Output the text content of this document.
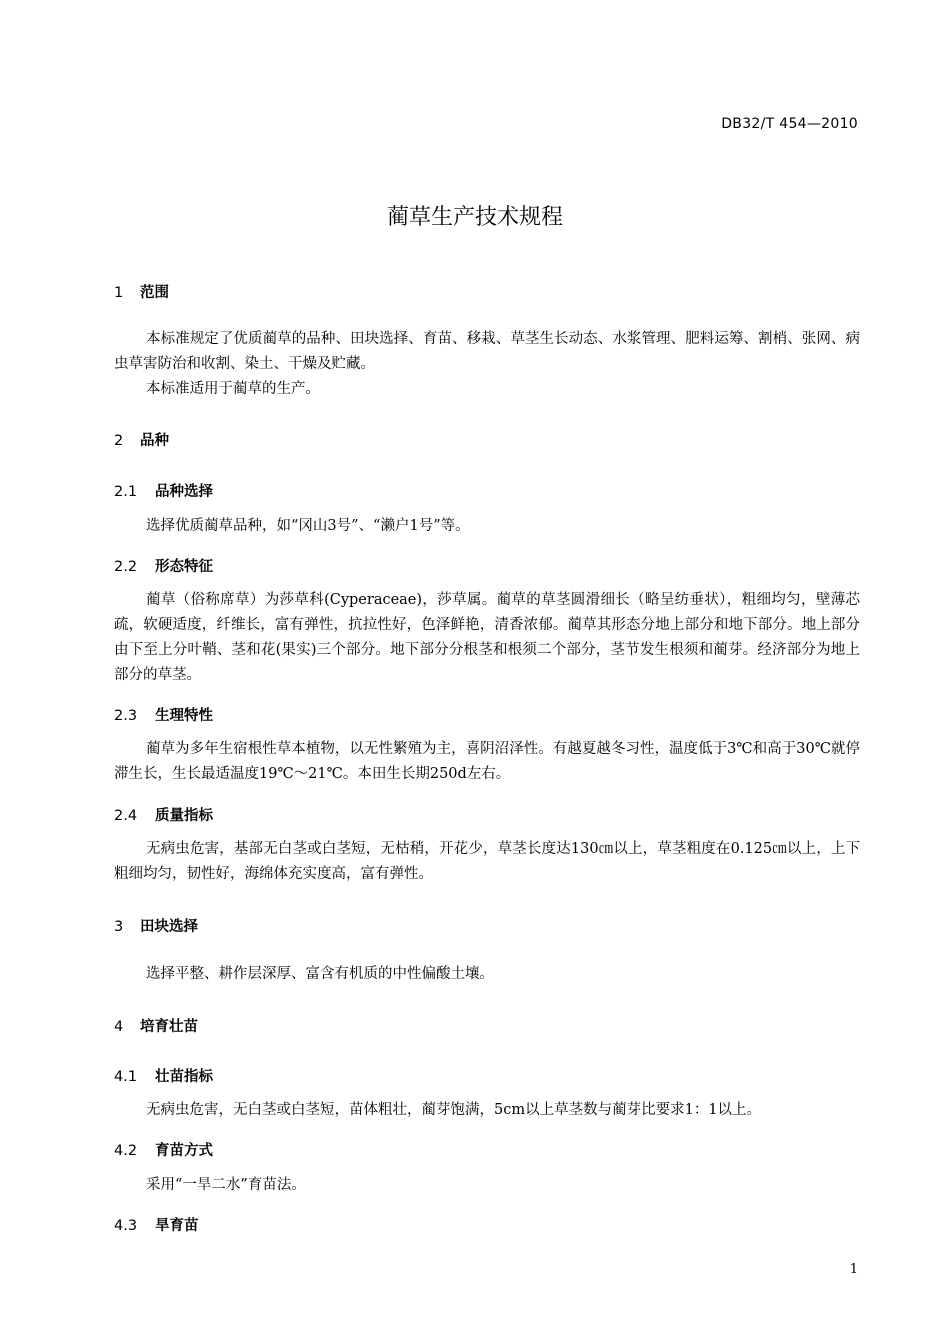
DB32/T 454—2010
蔺草生产技术规程
1 范围

本标准规定了优质蔺草的品种、田块选择、育苗、移栽、草茎生长动态、水浆管理、肥料运筹、割梢、张网、病虫草害防治和收割、染土、干燥及贮藏。

本标准适用于蔺草的生产。

2 品种
2.1 品种选择

选择优质蔺草品种，如“冈山3号”、“濑户1号”等。

2.2 形态特征

蔺草（俗称席草）为莎草科(Cyperaceae)，莎草属。蔺草的草茎圆滑细长（略呈纺垂状），粗细均匀，壁薄芯疏，软硬适度，纤维长，富有弹性，抗拉性好，色泽鲜艳，清香浓郁。蔺草其形态分地上部分和地下部分。地上部分由下至上分叶鞘、茎和花(果实)三个部分。地下部分分根茎和根须二个部分，茎节发生根须和蔺芽。经济部分为地上部分的草茎。

2.3 生理特性

蔺草为多年生宿根性草本植物，以无性繁殖为主，喜阴沼泽性。有越夏越冬习性，温度低于3℃和高于30℃就停滞生长，生长最适温度19℃～21℃。本田生长期250d左右。

2.4 质量指标

无病虫危害，基部无白茎或白茎短，无枯稍，开花少，草茎长度达130㎝以上，草茎粗度在0.125㎝以上，上下粗细均匀，韧性好，海绵体充实度高，富有弹性。

3 田块选择

选择平整、耕作层深厚、富含有机质的中性偏酸土壤。

4 培育壮苗
4.1 壮苗指标

无病虫危害，无白茎或白茎短，苗体粗壮，蔺芽饱满，5cm以上草茎数与蔺芽比要求1：1以上。

4.2 育苗方式

采用“一旱二水”育苗法。

4.3 旱育苗
1
